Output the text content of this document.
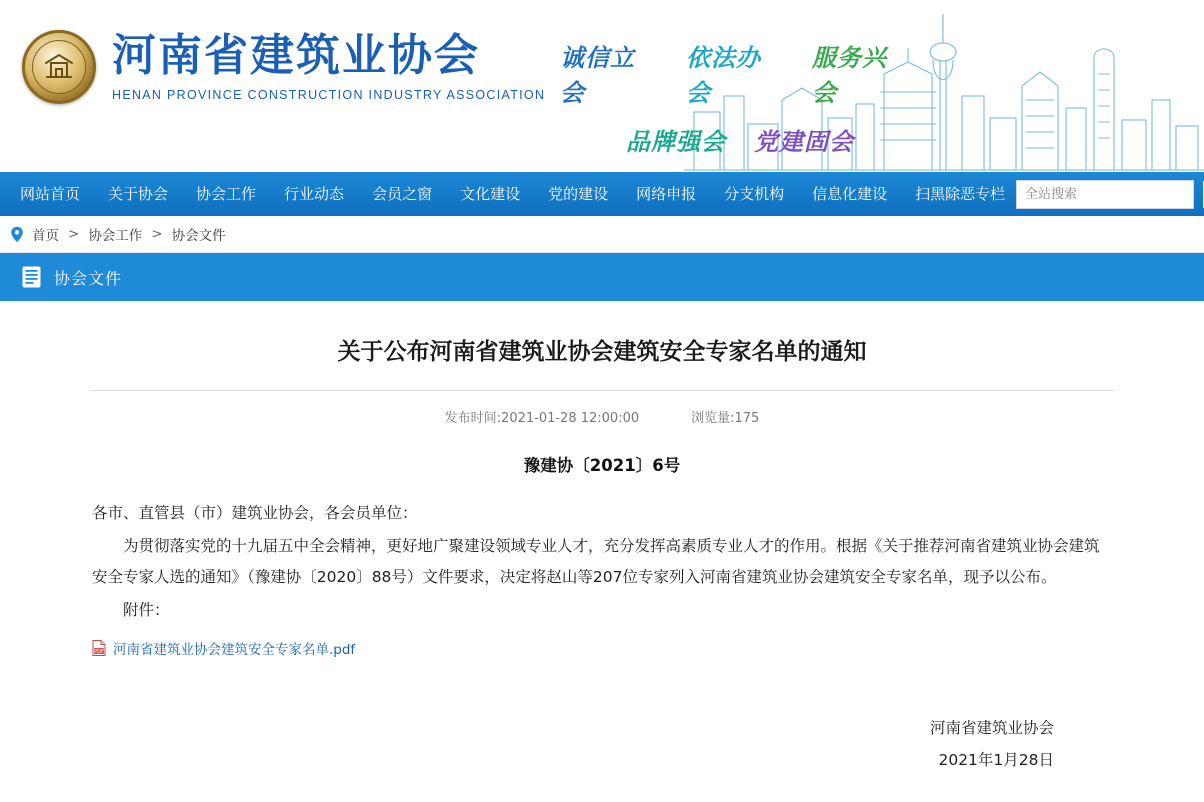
河南省建筑业协会
HENAN PROVINCE CONSTRUCTION INDUSTRY ASSOCIATION
诚信立会
依法办会
服务兴会
品牌强会 党建固会
网站首页	关于协会	协会工作	行业动态	会员之窗	文化建设	党的建设	网络申报	分支机构	信息化建设	扫黑除恶专栏
全站搜索
首页 > 协会工作 > 协会文件
协会文件
关于公布河南省建筑业协会建筑安全专家名单的通知
发布时间:2021-01-28 12:00:00	浏览量:175
豫建协〔2021〕6号

各市、直管县（市）建筑业协会，各会员单位：

为贯彻落实党的十九届五中全会精神，更好地广聚建设领域专业人才，充分发挥高素质专业人才的作用。根据《关于推荐河南省建筑业协会建筑安全专家人选的通知》（豫建协〔2020〕88号）文件要求，决定将赵山等207位专家列入河南省建筑业协会建筑安全专家名单，现予以公布。

附件：

PDF 河南省建筑业协会建筑安全专家名单.pdf
河南省建筑业协会
2021年1月28日
